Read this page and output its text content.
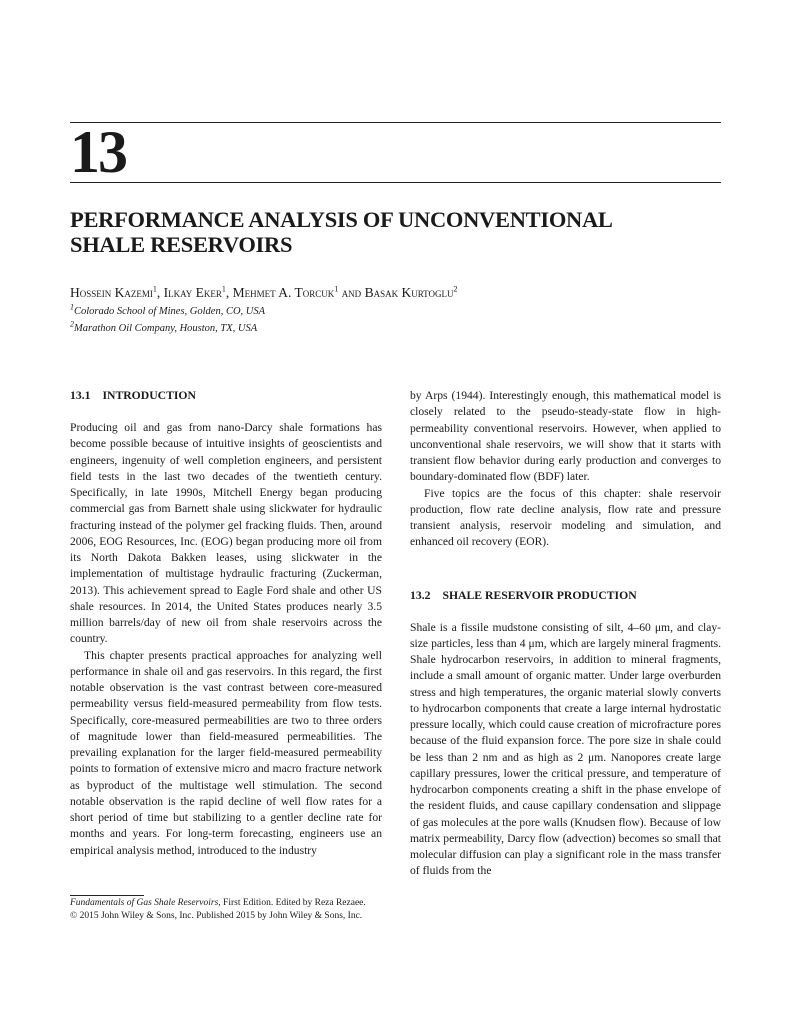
13
PERFORMANCE ANALYSIS OF UNCONVENTIONAL
SHALE RESERVOIRS
Hossein Kazemi$^1$, Ilkay Eker$^1$, Mehmet A. Torcuk$^1$ and Basak Kurtoglu$^2$
$^1$Colorado School of Mines, Golden, CO, USA
$^2$Marathon Oil Company, Houston, TX, USA
13.1 INTRODUCTION

Producing oil and gas from nano-Darcy shale formations has become possible because of intuitive insights of geoscientists and engineers, ingenuity of well completion engineers, and persistent field tests in the last two decades of the twentieth century. Specifically, in late 1990s, Mitchell Energy began producing commercial gas from Barnett shale using slickwater for hydraulic fracturing instead of the polymer gel fracking fluids. Then, around 2006, EOG Resources, Inc. (EOG) began producing more oil from its North Dakota Bakken leases, using slickwater in the implementation of multistage hydraulic fracturing (Zuckerman, 2013). This achievement spread to Eagle Ford shale and other US shale resources. In 2014, the United States produces nearly 3.5 million barrels/day of new oil from shale reservoirs across the country.

This chapter presents practical approaches for analyzing well performance in shale oil and gas reservoirs. In this regard, the first notable observation is the vast contrast between core-measured permeability versus field-measured permeability from flow tests. Specifically, core-measured permeabilities are two to three orders of magnitude lower than field-measured permeabilities. The prevailing explanation for the larger field-measured permeability points to formation of extensive micro and macro fracture network as byproduct of the multistage well stimulation. The second notable observation is the rapid decline of well flow rates for a short period of time but stabilizing to a gentler decline rate for months and years. For long-term forecasting, engineers use an empirical analysis method, introduced to the industry

by Arps (1944). Interestingly enough, this mathematical model is closely related to the pseudo-steady-state flow in high-permeability conventional reservoirs. However, when applied to unconventional shale reservoirs, we will show that it starts with transient flow behavior during early production and converges to boundary-dominated flow (BDF) later.

Five topics are the focus of this chapter: shale reservoir production, flow rate decline analysis, flow rate and pressure transient analysis, reservoir modeling and simulation, and enhanced oil recovery (EOR).

13.2 SHALE RESERVOIR PRODUCTION

Shale is a fissile mudstone consisting of silt, 4–60 μm, and clay-size particles, less than 4 μm, which are largely mineral fragments. Shale hydrocarbon reservoirs, in addition to mineral fragments, include a small amount of organic matter. Under large overburden stress and high temperatures, the organic material slowly converts to hydrocarbon components that create a large internal hydrostatic pressure locally, which could cause creation of microfracture pores because of the fluid expansion force. The pore size in shale could be less than 2 nm and as high as 2 μm. Nanopores create large capillary pressures, lower the critical pressure, and temperature of hydrocarbon components creating a shift in the phase envelope of the resident fluids, and cause capillary condensation and slippage of gas molecules at the pore walls (Knudsen flow). Because of low matrix permeability, Darcy flow (advection) becomes so small that molecular diffusion can play a significant role in the mass transfer of fluids from the

Fundamentals of Gas Shale Reservoirs, First Edition. Edited by Reza Rezaee.
© 2015 John Wiley & Sons, Inc. Published 2015 by John Wiley & Sons, Inc.
